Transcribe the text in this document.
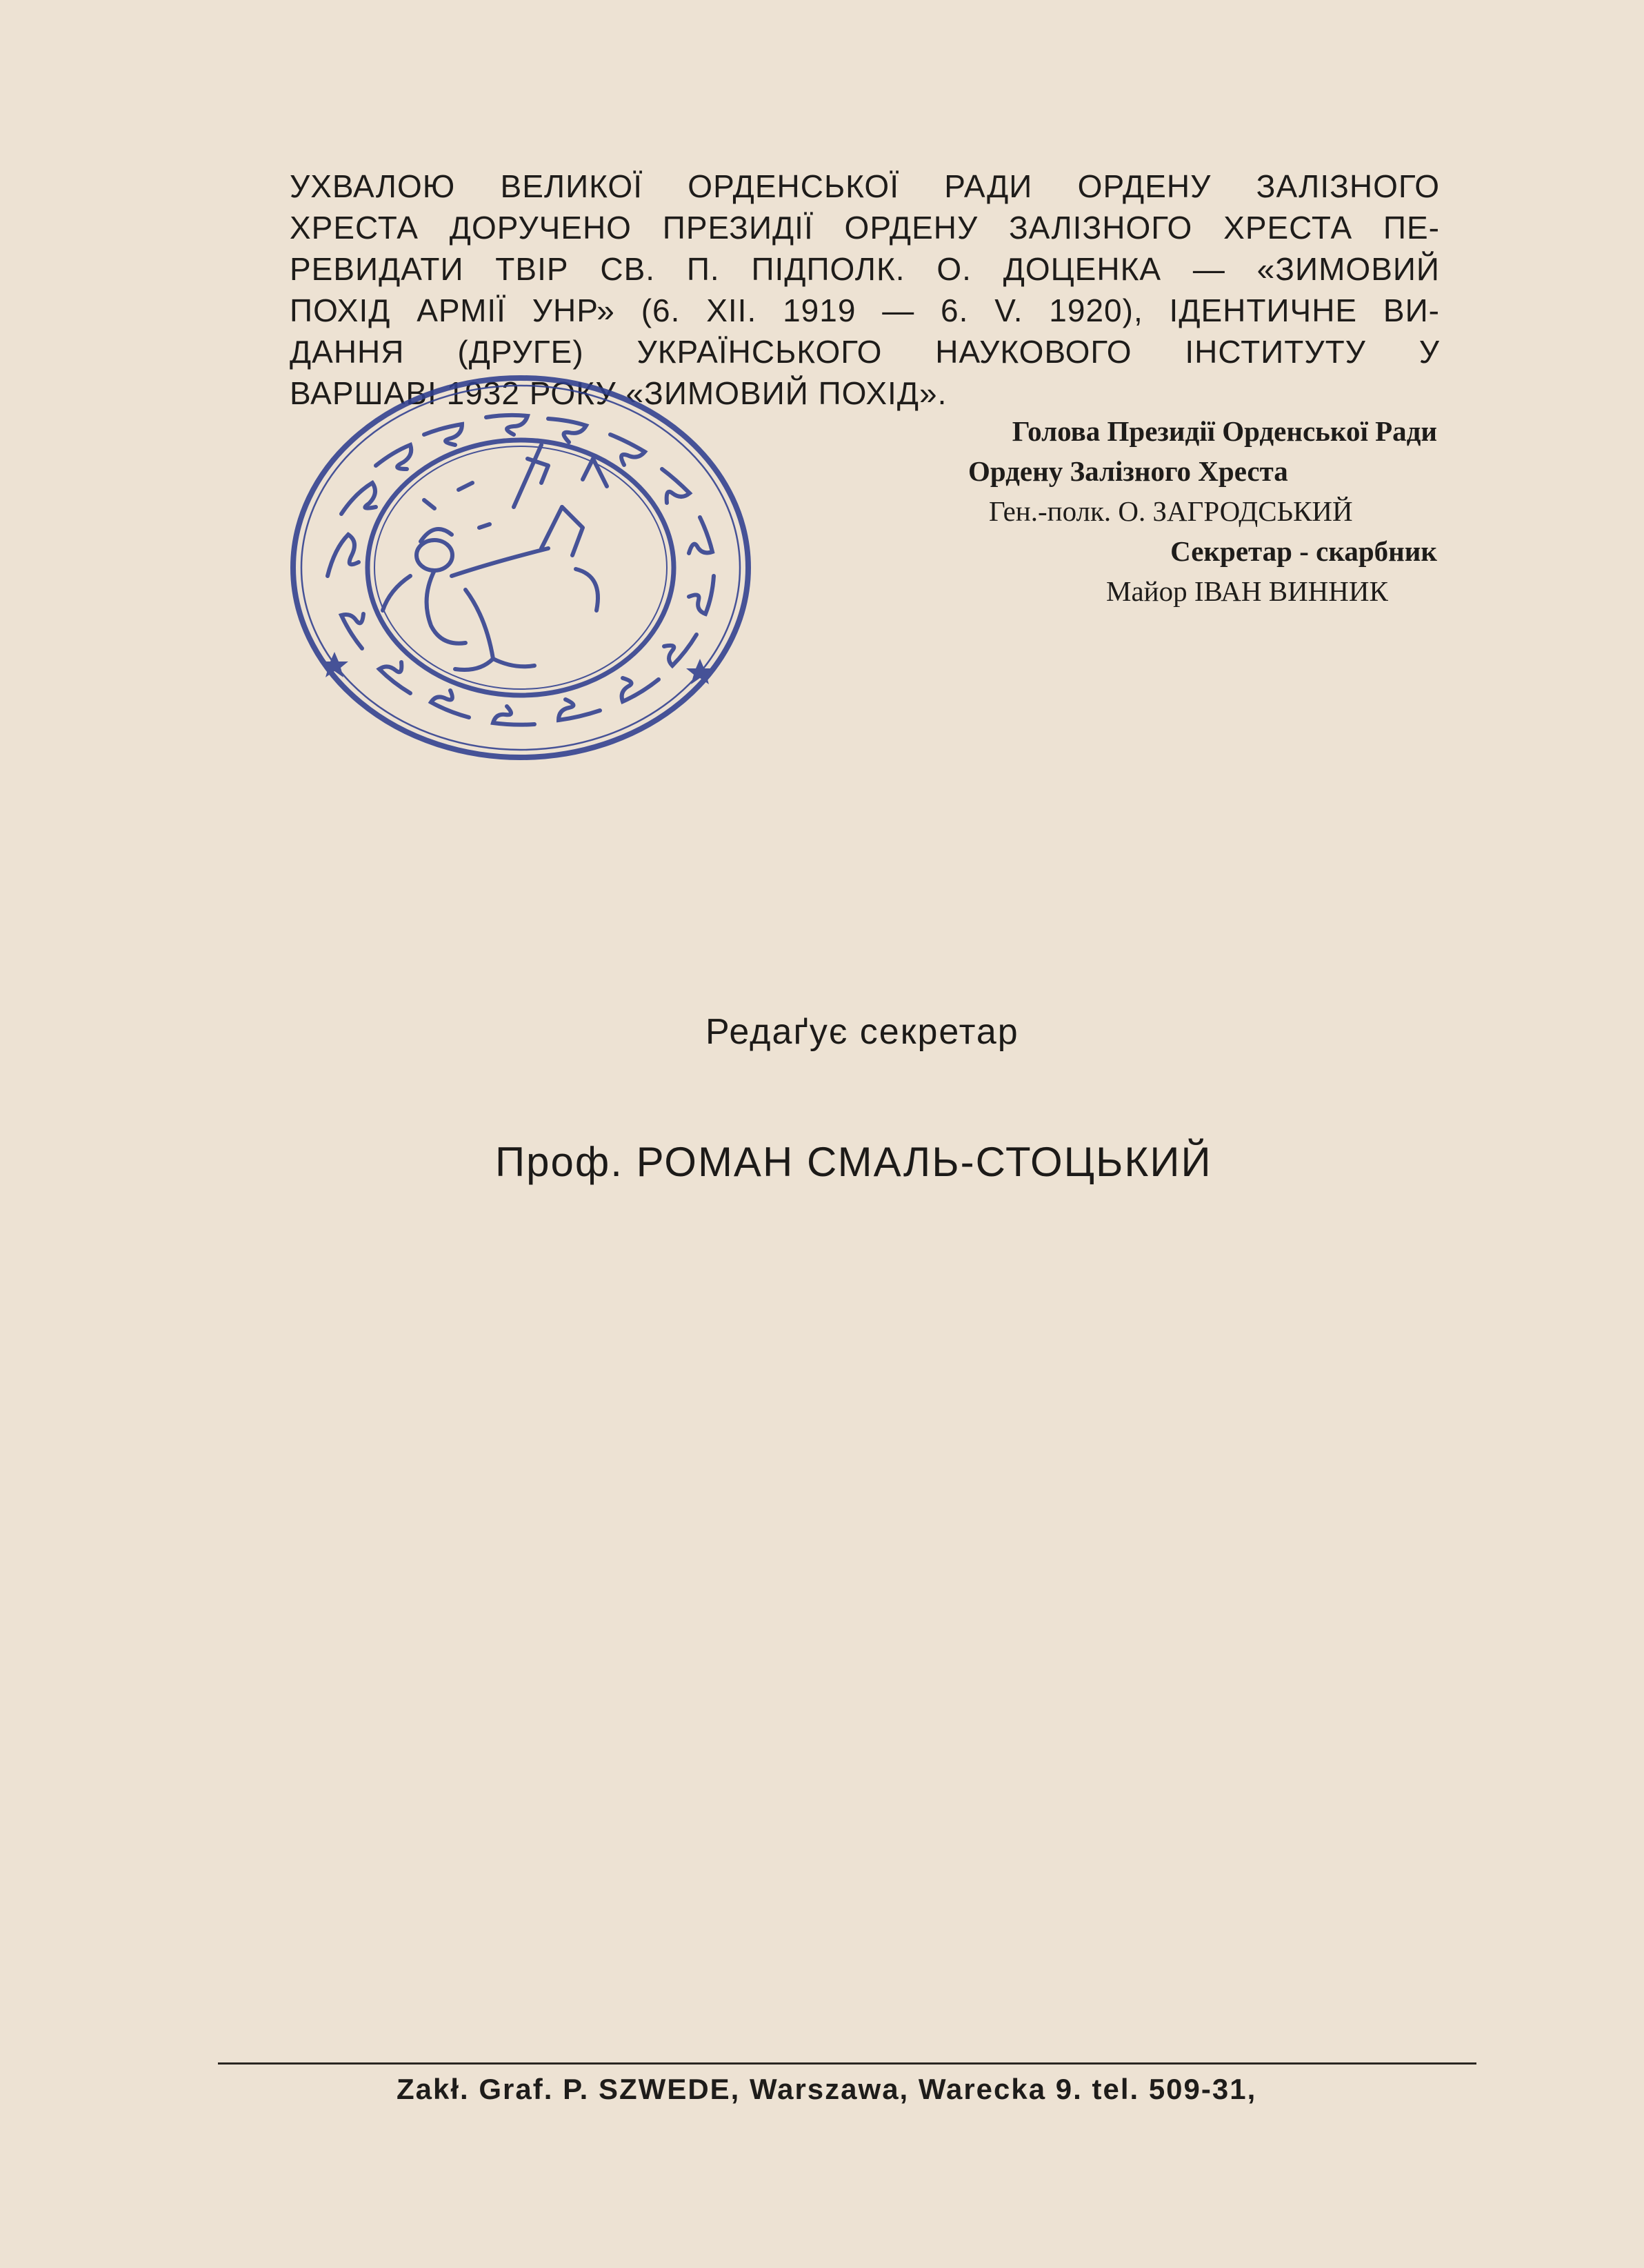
УХВАЛОЮ ВЕЛИКОЇ ОРДЕНСЬКОЇ РАДИ ОРДЕНУ ЗАЛІЗНОГО
ХРЕСТА ДОРУЧЕНО ПРЕЗИДІЇ ОРДЕНУ ЗАЛІЗНОГО ХРЕСТА ПЕ-
РЕВИДАТИ ТВІР СВ. П. ПІДПОЛК. О. ДОЦЕНКА — «ЗИМОВИЙ
ПОХІД АРМІЇ УНР» (6. XII. 1919 — 6. V. 1920), ІДЕНТИЧНЕ ВИ-
ДАННЯ (ДРУГЕ) УКРАЇНСЬКОГО НАУКОВОГО ІНСТИТУТУ У
ВАРШАВІ 1932 РОКУ «ЗИМОВИЙ ПОХІД».
Голова Президії Орденської Ради
Ордену Залізного Хреста
Ген.-полк. О. ЗАГРОДСЬКИЙ
Секретар - скарбник
Майор ІВАН ВИННИК
Редаґує секретар
Проф. РОМАН СМАЛЬ-СТОЦЬКИЙ
Zakł. Graf. P. SZWEDE, Warszawa, Warecka 9. tel. 509-31,
